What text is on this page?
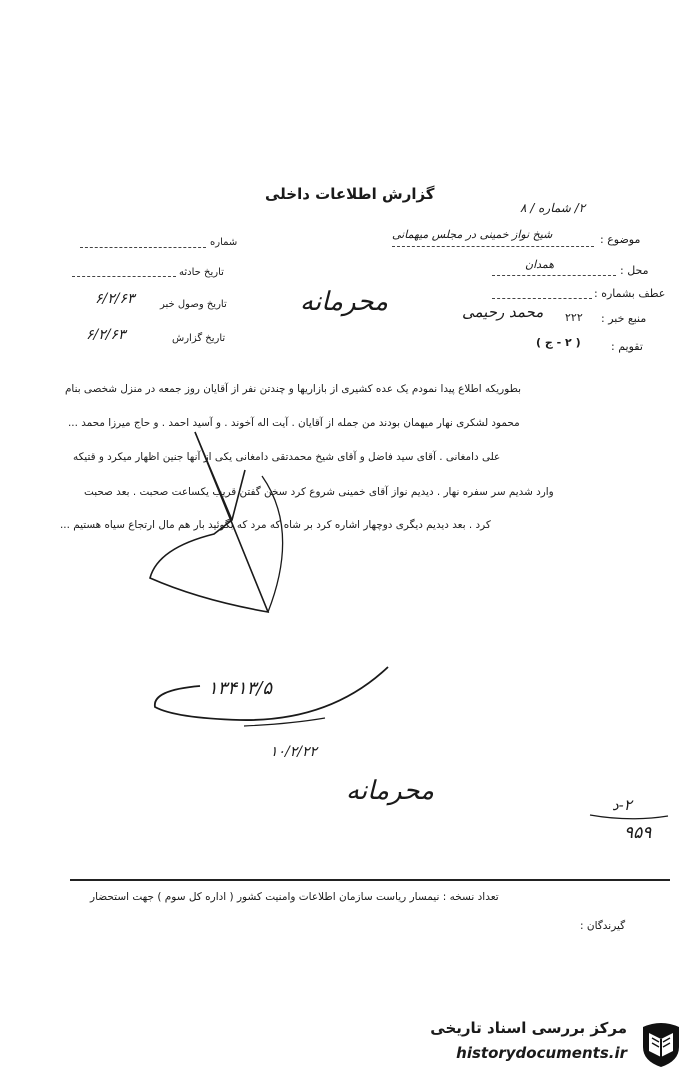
گزارش اطلاعات داخلی
۲/ شماره / ۸
موضوع :
شیخ نواز خمینی در مجلس میهمانی
محل :
همدان
عطف بشماره :
منبع خبر :
۲۲۲
محمد رحیمی
تقویم :
( ۲ - ج )
شماره
تاریخ حادثه
تاریخ وصول خبر
۶/۲/۶۳
تاریخ گزارش
۶/۲/۶۳
محرمانه
بطوریکه اطلاع پیدا نمودم یک عده کشیری از بازاریها و چندتن نفر از آقایان روز جمعه در منزل شخصی بنام
محمود لشکری نهار میهمان بودند من جمله از آقایان . آیت اله آخوند . و آسید احمد . و حاج میرزا محمد ...
علی دامغانی . آقای سید فاضل و آقای شیخ محمدتقی دامغانی یکی از آنها جنین اظهار میکرد و قتیکه
وارد شدیم سر سفره نهار . دیدیم نواز آقای خمینی شروع کرد سخن گفتن قریب یکساعت صحبت . بعد صحبت
کرد . بعد دیدیم دیگری دوچهار اشاره کرد بر شاه که مرد که بگوئید بار هم مال ارتجاع سیاه هستیم ...
۱۳۴۱۳/۵
۱۰/۲/۲۲
محرمانه	۲-د
۹۵۹
تعداد نسخه : نیمسار ریاست سازمان اطلاعات وامنیت کشور ( اداره کل سوم ) جهت استحضار
گیرندگان :
مرکز بررسی اسناد تاریخی
historydocuments.ir
